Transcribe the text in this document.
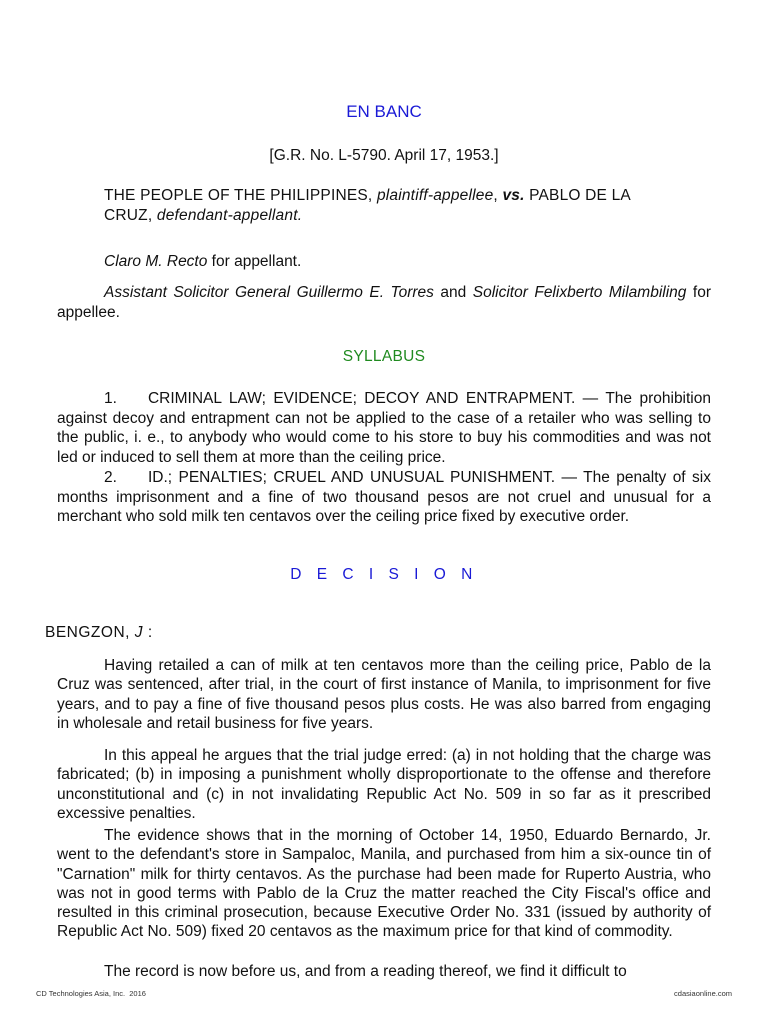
EN BANC
[G.R. No. L-5790. April 17, 1953.]
THE PEOPLE OF THE PHILIPPINES, plaintiff-appellee, vs. PABLO DE LA CRUZ, defendant-appellant.
Claro M. Recto for appellant.
Assistant Solicitor General Guillermo E. Torres and Solicitor Felixberto Milambiling for appellee.
SYLLABUS
1. CRIMINAL LAW; EVIDENCE; DECOY AND ENTRAPMENT. — The prohibition against decoy and entrapment can not be applied to the case of a retailer who was selling to the public, i. e., to anybody who would come to his store to buy his commodities and was not led or induced to sell them at more than the ceiling price.
2. ID.; PENALTIES; CRUEL AND UNUSUAL PUNISHMENT. — The penalty of six months imprisonment and a fine of two thousand pesos are not cruel and unusual for a merchant who sold milk ten centavos over the ceiling price fixed by executive order.
D E C I S I O N
BENGZON, J :
Having retailed a can of milk at ten centavos more than the ceiling price, Pablo de la Cruz was sentenced, after trial, in the court of first instance of Manila, to imprisonment for five years, and to pay a fine of five thousand pesos plus costs. He was also barred from engaging in wholesale and retail business for five years.
In this appeal he argues that the trial judge erred: (a) in not holding that the charge was fabricated; (b) in imposing a punishment wholly disproportionate to the offense and therefore unconstitutional and (c) in not invalidating Republic Act No. 509 in so far as it prescribed excessive penalties.
The evidence shows that in the morning of October 14, 1950, Eduardo Bernardo, Jr. went to the defendant's store in Sampaloc, Manila, and purchased from him a six-ounce tin of "Carnation" milk for thirty centavos. As the purchase had been made for Ruperto Austria, who was not in good terms with Pablo de la Cruz the matter reached the City Fiscal's office and resulted in this criminal prosecution, because Executive Order No. 331 (issued by authority of Republic Act No. 509) fixed 20 centavos as the maximum price for that kind of commodity.
The record is now before us, and from a reading thereof, we find it difficult to
CD Technologies Asia, Inc.  2016	cdasiaonline.com
